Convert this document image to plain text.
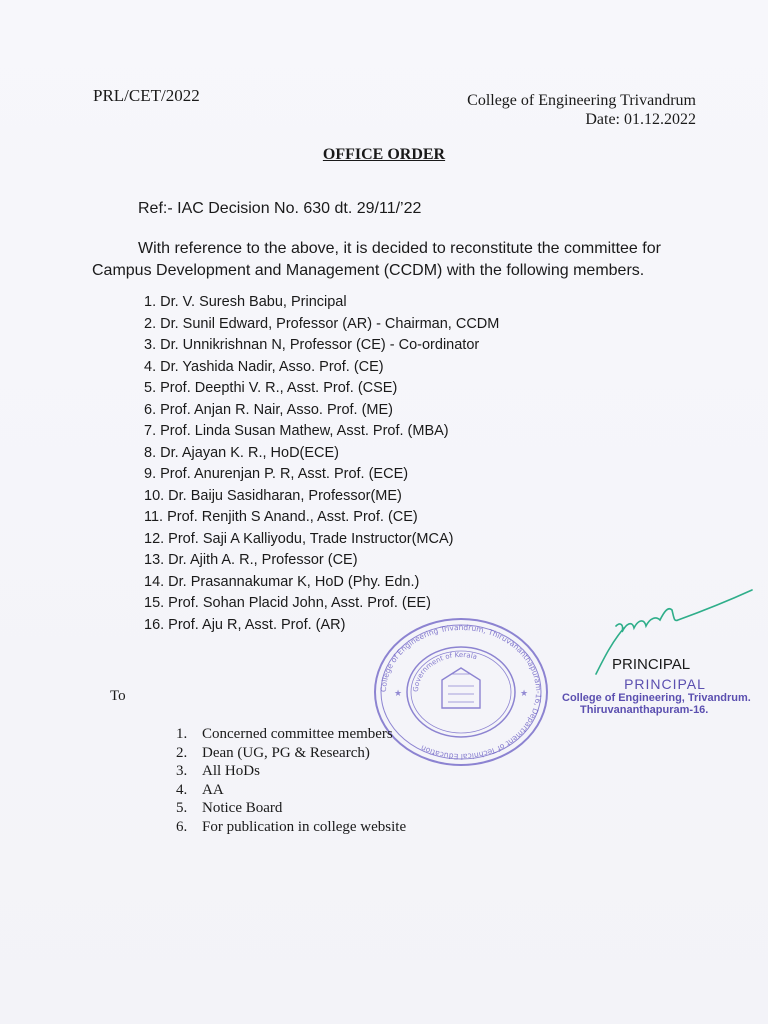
PRL/CET/2022	College of Engineering Trivandrum
Date: 01.12.2022
OFFICE ORDER
Ref:- IAC Decision No. 630 dt. 29/11/’22
With reference to the above, it is decided to reconstitute the committee for
Campus Development and Management (CCDM) with the following members.
1. Dr. V. Suresh Babu, Principal
2. Dr. Sunil Edward, Professor (AR) - Chairman, CCDM
3. Dr. Unnikrishnan N, Professor (CE) - Co-ordinator
4. Dr. Yashida Nadir, Asso. Prof. (CE)
5. Prof. Deepthi V. R., Asst. Prof. (CSE)
6. Prof. Anjan R. Nair, Asso. Prof. (ME)
7. Prof. Linda Susan Mathew, Asst. Prof. (MBA)
8. Dr. Ajayan K. R., HoD(ECE)
9. Prof. Anurenjan P. R, Asst. Prof. (ECE)
10. Dr. Baiju Sasidharan, Professor(ME)
11. Prof. Renjith S Anand., Asst. Prof. (CE)
12. Prof. Saji A Kalliyodu, Trade Instructor(MCA)
13. Dr. Ajith A. R., Professor (CE)
14. Dr. Prasannakumar K, HoD (Phy. Edn.)
15. Prof. Sohan Placid John, Asst. Prof. (EE)
16. Prof. Aju R, Asst. Prof. (AR)
College of Engineering Trivandrum, Thiruvananthapuram-16, Department of Technical Education
Government of Kerala
★	★
PRINCIPAL
PRINCIPAL
College of Engineering, Trivandrum.
Thiruvananthapuram-16.
To
1. Concerned committee members
2. Dean (UG, PG & Research)
3. All HoDs
4. AA
5. Notice Board
6. For publication in college website
